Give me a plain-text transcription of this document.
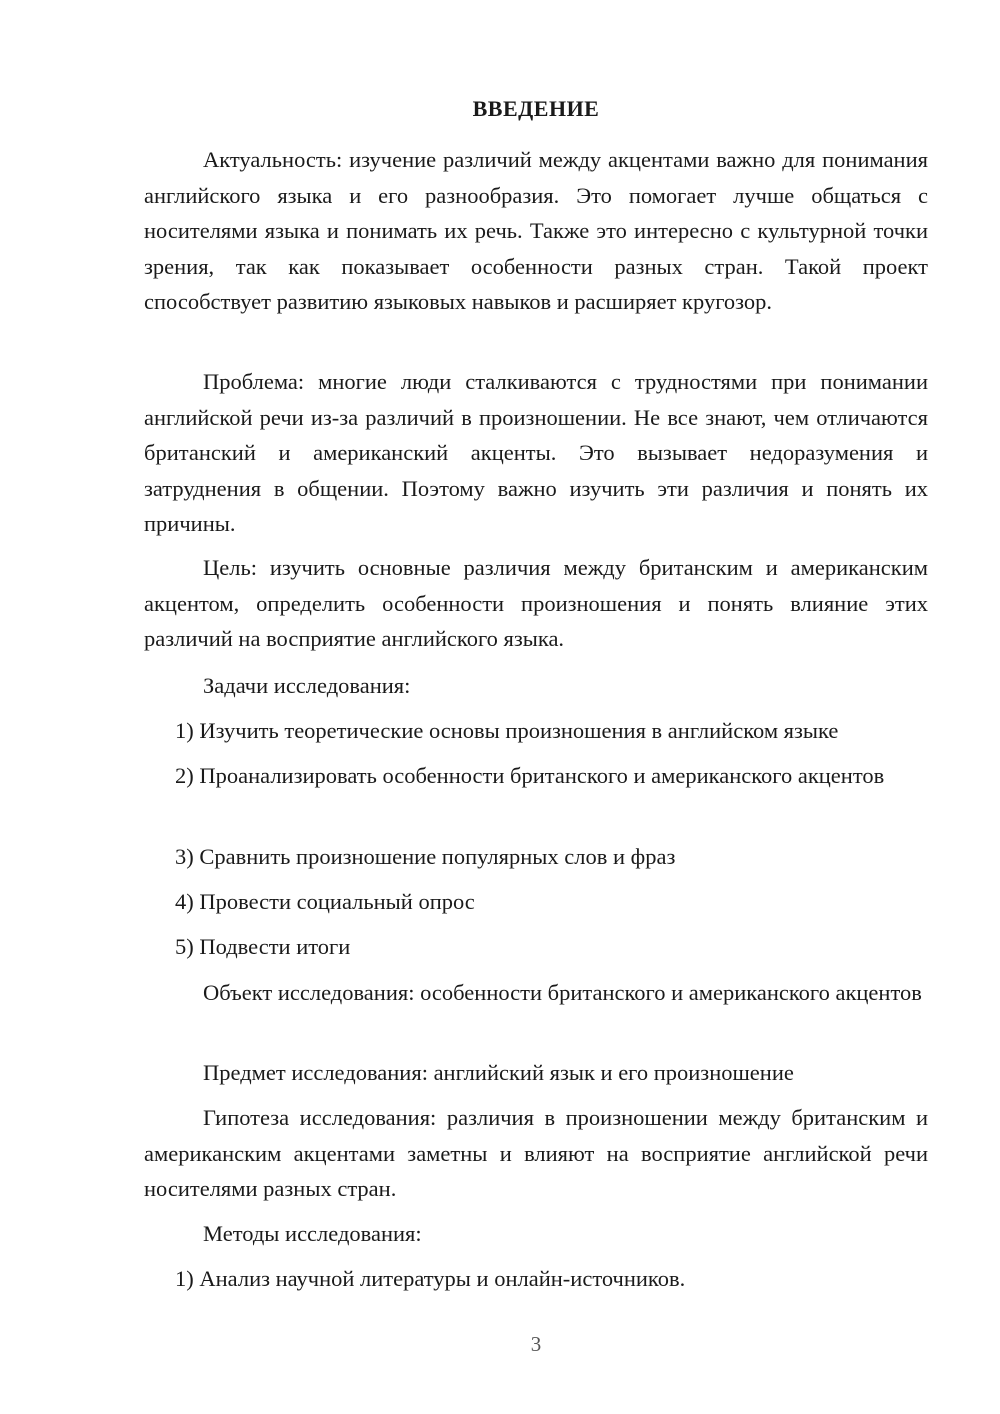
ВВЕДЕНИЕ
Актуальность: изучение различий между акцентами важно для понимания английского языка и его разнообразия. Это помогает лучше общаться с носителями языка и понимать их речь. Также это интересно с культурной точки зрения, так как показывает особенности разных стран. Такой проект способствует развитию языковых навыков и расширяет кругозор.
Проблема: многие люди сталкиваются с трудностями при понимании английской речи из-за различий в произношении. Не все знают, чем отличаются британский и американский акценты. Это вызывает недоразумения и затруднения в общении. Поэтому важно изучить эти различия и понять их причины.
Цель: изучить основные различия между британским и американским акцентом, определить особенности произношения и понять влияние этих различий на восприятие английского языка.
Задачи исследования:
1) Изучить теоретические основы произношения в английском языке
2) Проанализировать особенности британского и американского акцентов
3) Сравнить произношение популярных слов и фраз
4) Провести социальный опрос
5) Подвести итоги
Объект исследования: особенности британского и американского акцентов
Предмет исследования: английский язык и его произношение
Гипотеза исследования: различия в произношении между британским и американским акцентами заметны и влияют на восприятие английской речи носителями разных стран.
Методы исследования:
1) Анализ научной литературы и онлайн-источников.
3
